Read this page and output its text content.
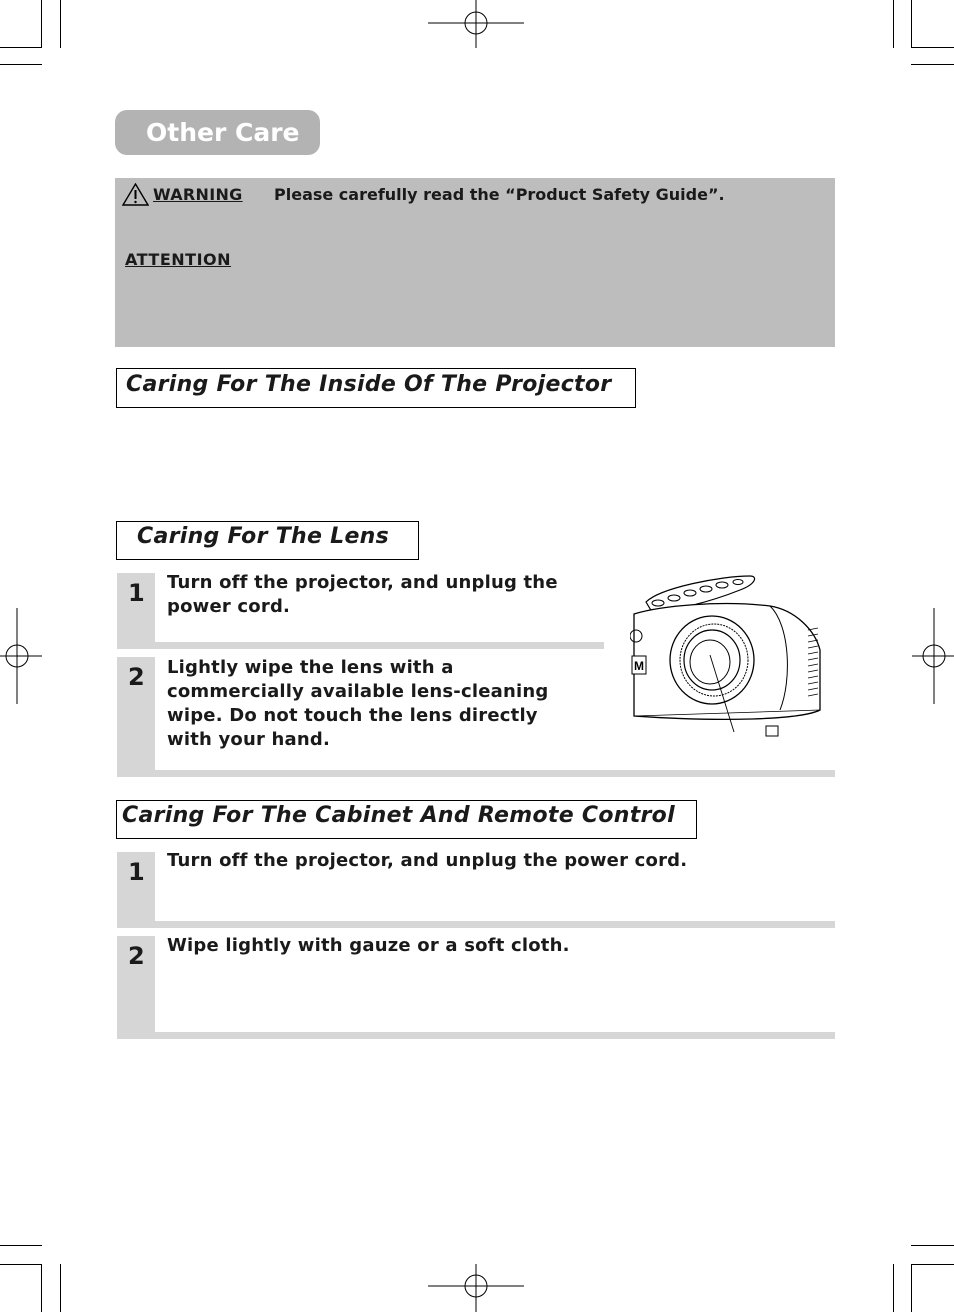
Other Care
WARNING Please carefully read the “Product Safety Guide”.
ATTENTION
Caring For The Inside Of The Projector
Caring For The Lens
1 Turn off the projector, and unplug the
power cord.
2 Lightly wipe the lens with a
commercially available lens-cleaning
wipe. Do not touch the lens directly
with your hand.
M
Caring For The Cabinet And Remote Control
1 Turn off the projector, and unplug the power cord.
2 Wipe lightly with gauze or a soft cloth.
